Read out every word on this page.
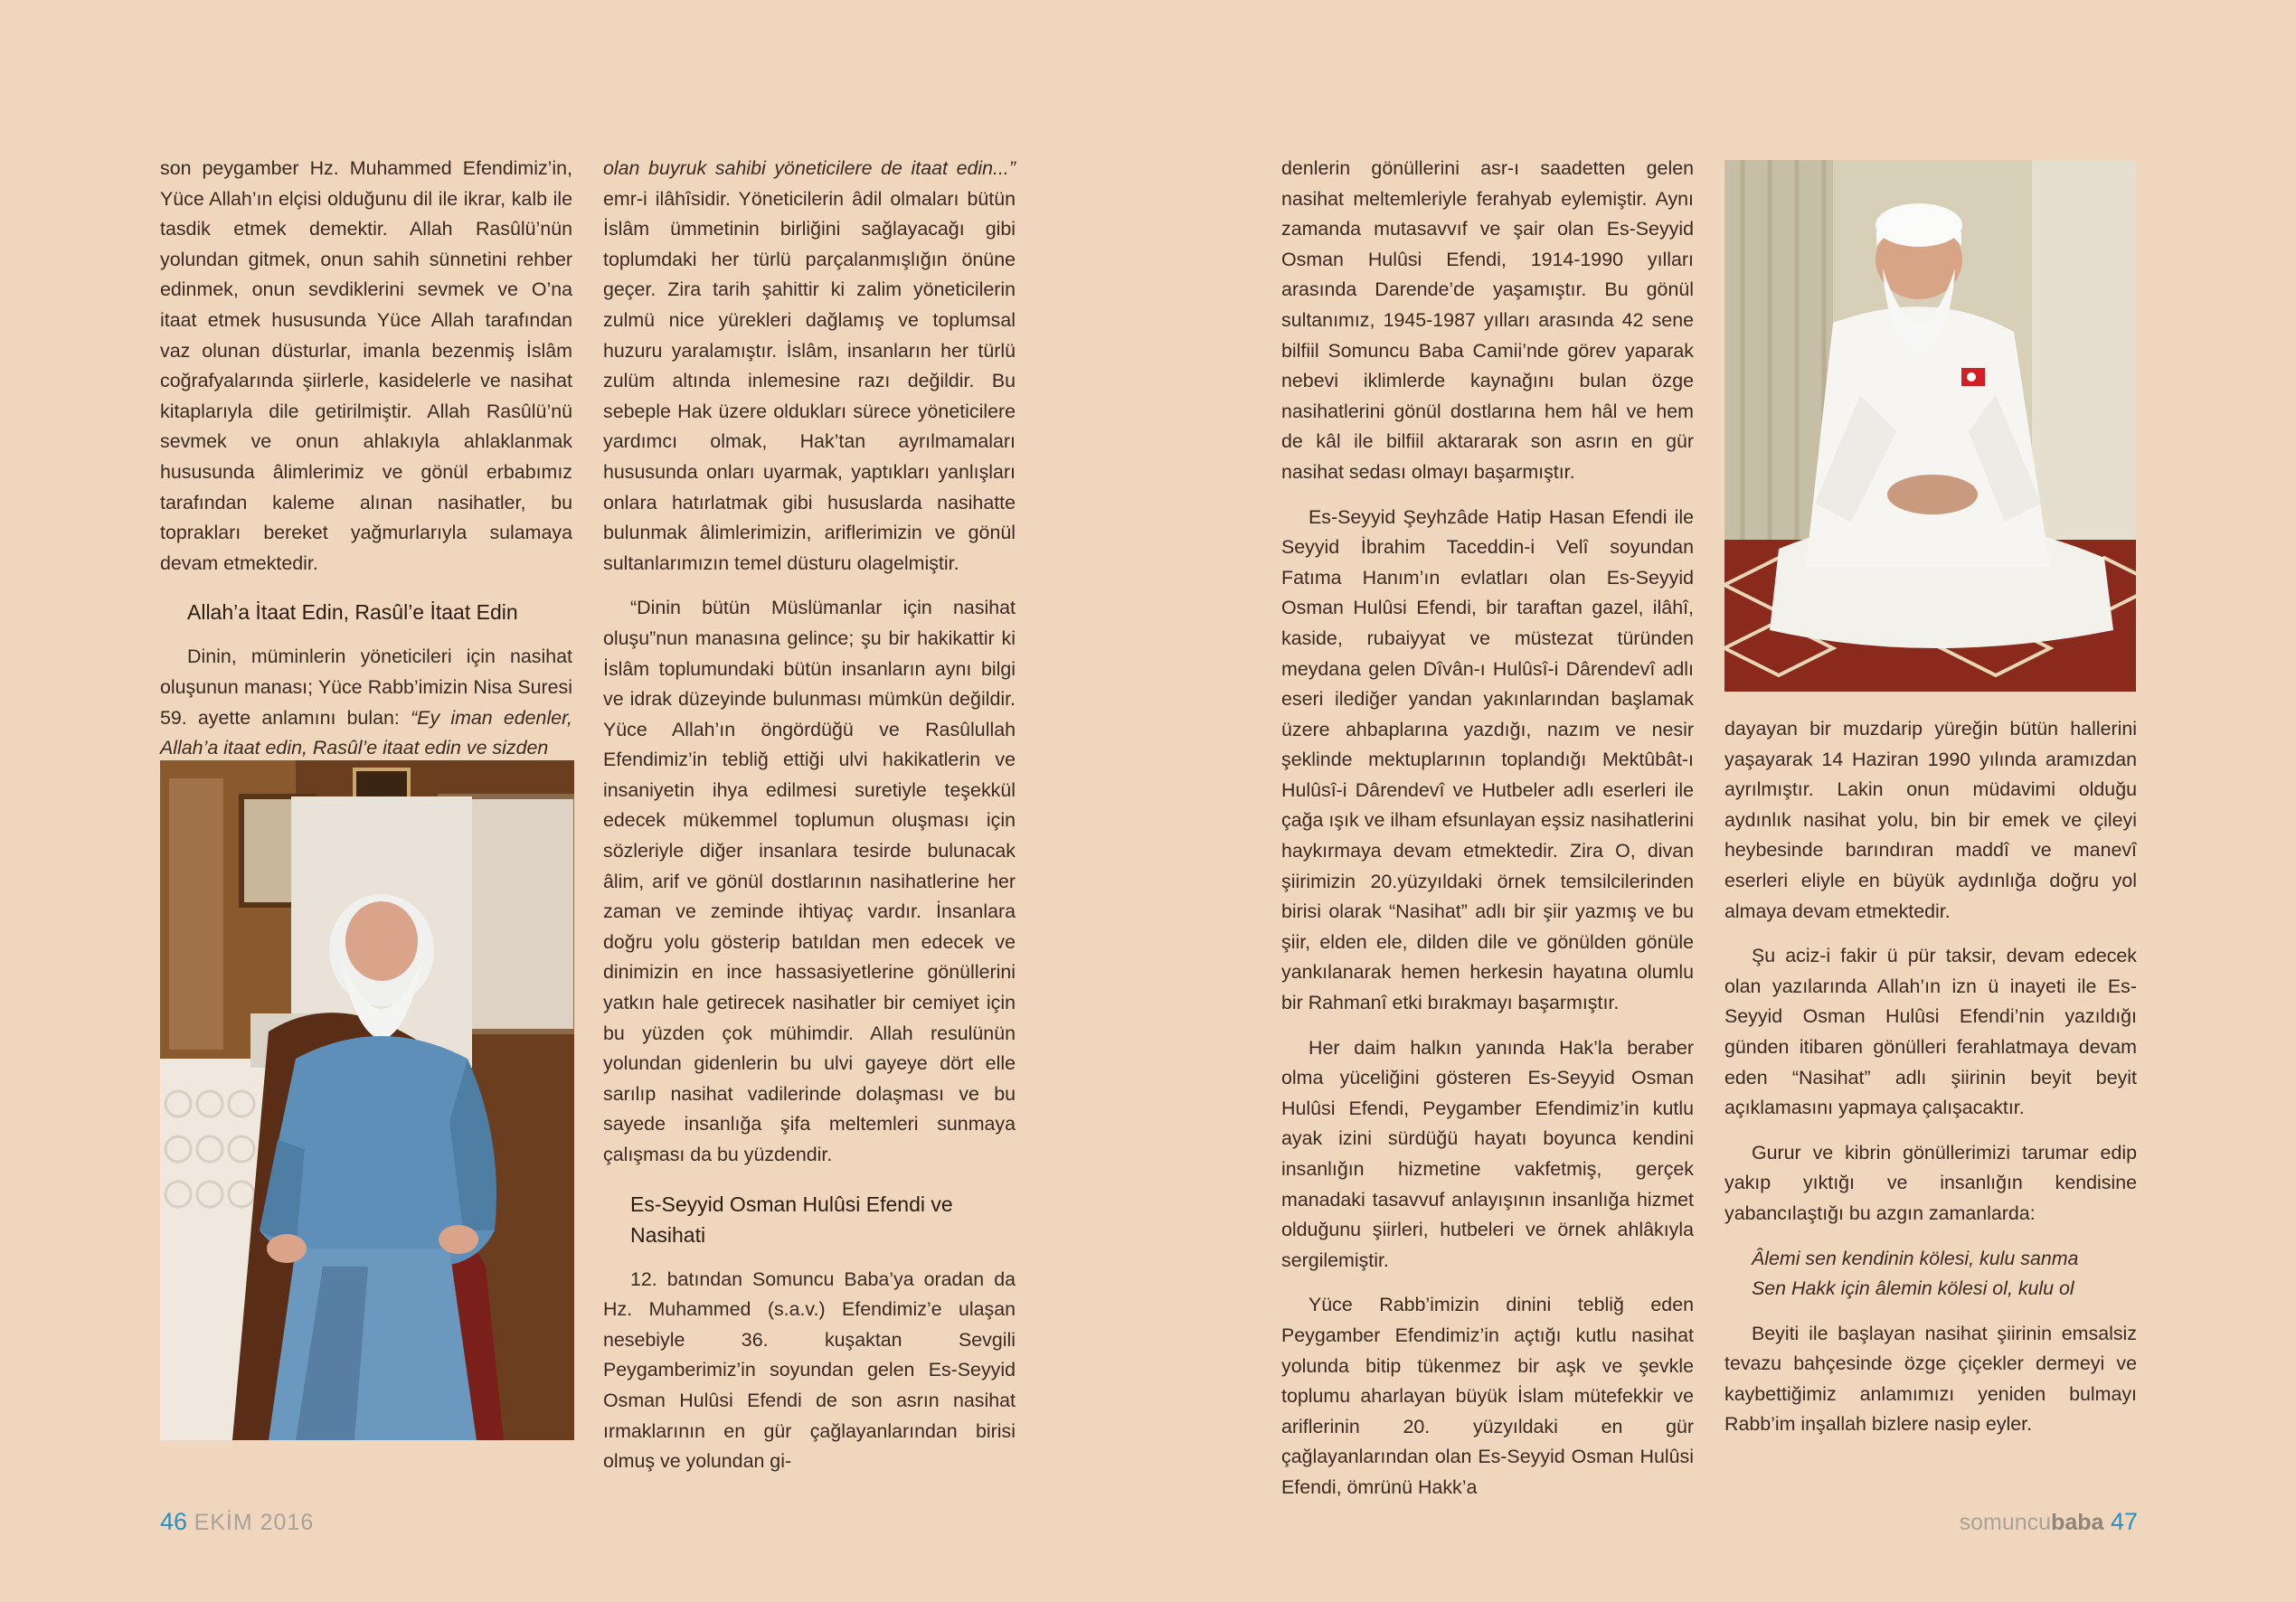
son peygamber Hz. Muhammed Efendimiz’in, Yüce Allah’ın elçisi olduğunu dil ile ikrar, kalb ile tasdik etmek demektir. Allah Rasûlü’nün yolundan gitmek, onun sahih sünnetini rehber edinmek, onun sevdiklerini sevmek ve O’na itaat etmek hususunda Yüce Allah tarafından vaz olunan düsturlar, imanla bezenmiş İslâm coğrafyalarında şiirlerle, kasidelerle ve nasihat kitaplarıyla dile getirilmiştir. Allah Rasûlü’nü sevmek ve onun ahlakıyla ahlaklanmak hususunda âlimlerimiz ve gönül erbabımız tarafından kaleme alınan nasihatler, bu toprakları bereket yağmurlarıyla sulamaya devam etmektedir.

Allah’a İtaat Edin, Rasûl’e İtaat Edin

Dinin, müminlerin yöneticileri için nasihat oluşunun manası; Yüce Rabb’imizin Nisa Suresi 59. ayette anlamını bulan: “Ey iman edenler, Allah’a itaat edin, Rasûl’e itaat edin ve sizden

olan buyruk sahibi yöneticilere de itaat edin...” emr-i ilâhîsidir. Yöneticilerin âdil olmaları bütün İslâm ümmetinin birliğini sağlayacağı gibi toplumdaki her türlü parçalanmışlığın önüne geçer. Zira tarih şahittir ki zalim yöneticilerin zulmü nice yürekleri dağlamış ve toplumsal huzuru yaralamıştır. İslâm, insanların her türlü zulüm altında inlemesine razı değildir. Bu sebeple Hak üzere oldukları sürece yöneticilere yardımcı olmak, Hak’tan ayrılmamaları hususunda onları uyarmak, yaptıkları yanlışları onlara hatırlatmak gibi hususlarda nasihatte bulunmak âlimlerimizin, ariflerimizin ve gönül sultanlarımızın temel düsturu olagelmiştir.

“Dinin bütün Müslümanlar için nasihat oluşu”nun manasına gelince; şu bir hakikattir ki İslâm toplumundaki bütün insanların aynı bilgi ve idrak düzeyinde bulunması mümkün değildir. Yüce Allah’ın öngördüğü ve Rasûlullah Efendimiz’in tebliğ ettiği ulvi hakikatlerin ve insaniyetin ihya edilmesi suretiyle teşekkül edecek mükemmel toplumun oluşması için sözleriyle diğer insanlara tesirde bulunacak âlim, arif ve gönül dostlarının nasihatlerine her zaman ve zeminde ihtiyaç vardır. İnsanlara doğru yolu gösterip batıldan men edecek ve dinimizin en ince hassasiyetlerine gönüllerini yatkın hale getirecek nasihatler bir cemiyet için bu yüzden çok mühimdir. Allah resulünün yolundan gidenlerin bu ulvi gayeye dört elle sarılıp nasihat vadilerinde dolaşması ve bu sayede insanlığa şifa meltemleri sunmaya çalışması da bu yüzdendir.

Es-Seyyid Osman Hulûsi Efendi ve Nasihati

12. batından Somuncu Baba’ya oradan da Hz. Muhammed (s.a.v.) Efendimiz’e ulaşan nesebiyle 36. kuşaktan Sevgili Peygamberimiz’in soyundan gelen Es-Seyyid Osman Hulûsi Efendi de son asrın nasihat ırmaklarının en gür çağlayanlarından birisi olmuş ve yolundan gi-

denlerin gönüllerini asr-ı saadetten gelen nasihat meltemleriyle ferahyab eylemiştir. Aynı zamanda mutasavvıf ve şair olan Es-Seyyid Osman Hulûsi Efendi, 1914-1990 yılları arasında Darende’de yaşamıştır. Bu gönül sultanımız, 1945-1987 yılları arasında 42 sene bilfiil Somuncu Baba Camii’nde görev yaparak nebevi iklimlerde kaynağını bulan özge nasihatlerini gönül dostlarına hem hâl ve hem de kâl ile bilfiil aktararak son asrın en gür nasihat sedası olmayı başarmıştır.

Es-Seyyid Şeyhzâde Hatip Hasan Efendi ile Seyyid İbrahim Taceddin-i Velî soyundan Fatıma Hanım’ın evlatları olan Es-Seyyid Osman Hulûsi Efendi, bir taraftan gazel, ilâhî, kaside, rubaiyyat ve müstezat türünden meydana gelen Dîvân-ı Hulûsî-i Dârendevî adlı eseri ilediğer yandan yakınlarından başlamak üzere ahbaplarına yazdığı, nazım ve nesir şeklinde mektuplarının toplandığı Mektûbât-ı Hulûsî-i Dârendevî ve Hutbeler adlı eserleri ile çağa ışık ve ilham efsunlayan eşsiz nasihatlerini haykırmaya devam etmektedir. Zira O, divan şiirimizin 20.yüzyıldaki örnek temsilcilerinden birisi olarak “Nasihat” adlı bir şiir yazmış ve bu şiir, elden ele, dilden dile ve gönülden gönüle yankılanarak hemen herkesin hayatına olumlu bir Rahmanî etki bırakmayı başarmıştır.

Her daim halkın yanında Hak’la beraber olma yüceliğini gösteren Es-Seyyid Osman Hulûsi Efendi, Peygamber Efendimiz’in kutlu ayak izini sürdüğü hayatı boyunca kendini insanlığın hizmetine vakfetmiş, gerçek manadaki tasavvuf anlayışının insanlığa hizmet olduğunu şiirleri, hutbeleri ve örnek ahlâkıyla sergilemiştir.

Yüce Rabb’imizin dinini tebliğ eden Peygamber Efendimiz’in açtığı kutlu nasihat yolunda bitip tükenmez bir aşk ve şevkle toplumu aharlayan büyük İslam mütefekkir ve ariflerinin 20. yüzyıldaki en gür çağlayanlarından olan Es-Seyyid Osman Hulûsi Efendi, ömrünü Hakk’a

dayayan bir muzdarip yüreğin bütün hallerini yaşayarak 14 Haziran 1990 yılında aramızdan ayrılmıştır. Lakin onun müdavimi olduğu aydınlık nasihat yolu, bin bir emek ve çileyi heybesinde barındıran maddî ve manevî eserleri eliyle en büyük aydınlığa doğru yol almaya devam etmektedir.

Şu aciz-i fakir ü pür taksir, devam edecek olan yazılarında Allah’ın izn ü inayeti ile Es-Seyyid Osman Hulûsi Efendi’nin yazıldığı günden itibaren gönülleri ferahlatmaya devam eden “Nasihat” adlı şiirinin beyit beyit açıklamasını yapmaya çalışacaktır.

Gurur ve kibrin gönüllerimizi tarumar edip yakıp yıktığı ve insanlığın kendisine yabancılaştığı bu azgın zamanlarda:

Âlemi sen kendinin kölesi, kulu sanma

Sen Hakk için âlemin kölesi ol, kulu ol

Beyiti ile başlayan nasihat şiirinin emsalsiz tevazu bahçesinde özge çiçekler dermeyi ve kaybettiğimiz anlamımızı yeniden bulmayı Rabb’im inşallah bizlere nasip eyler.

46 EKİM 2016	somuncubaba 47
